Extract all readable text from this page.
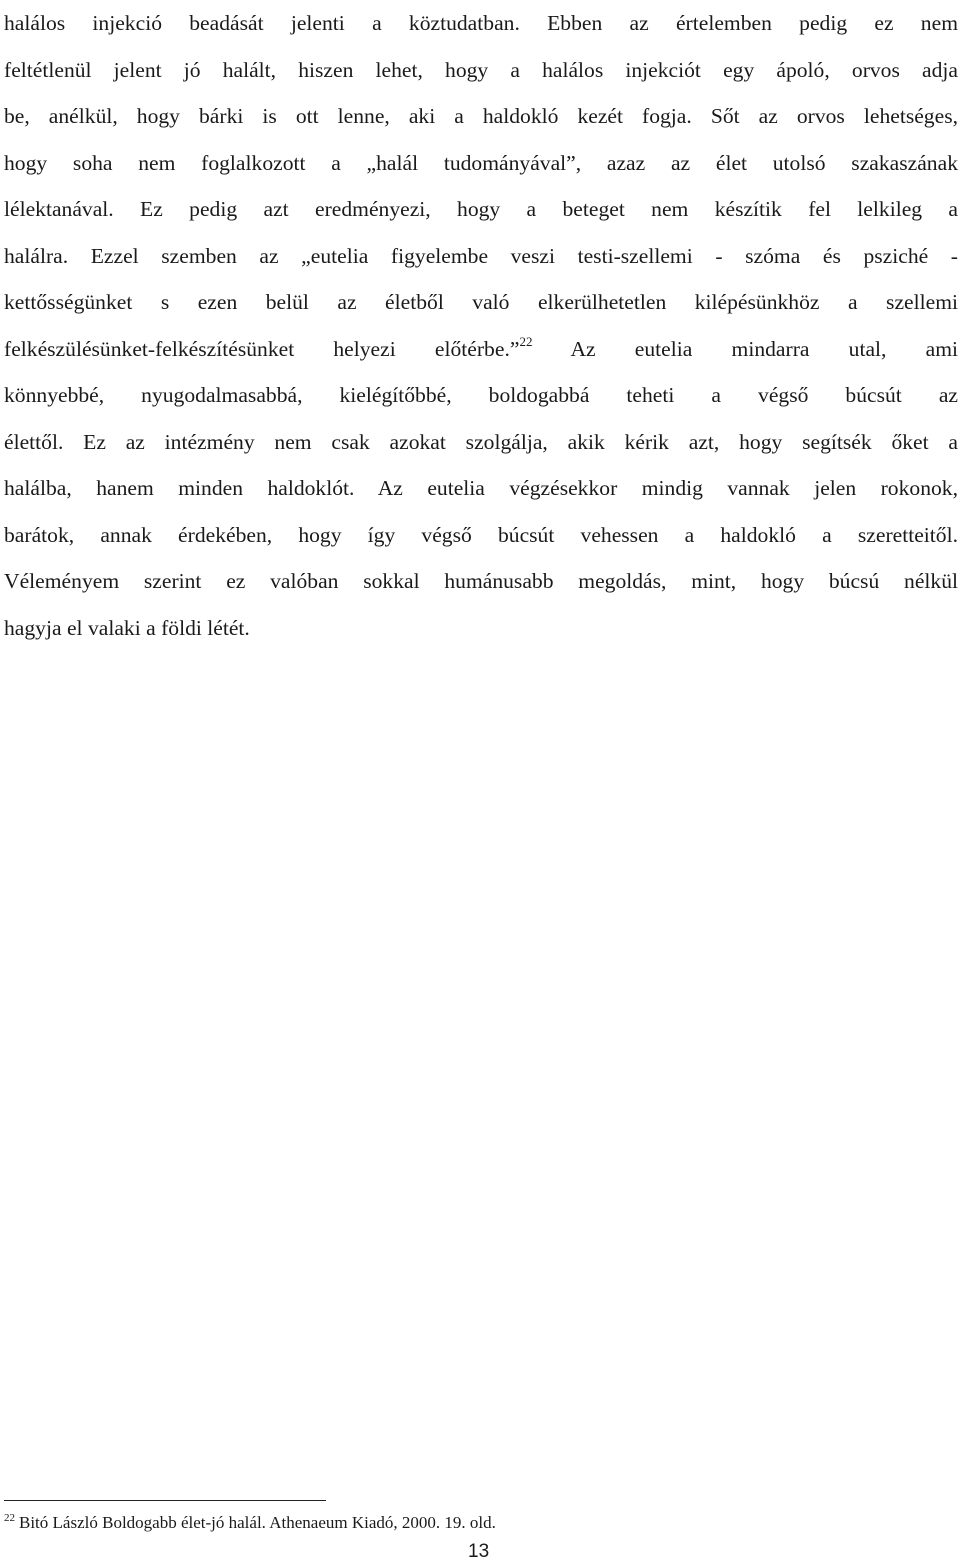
halálos injekció beadását jelenti a köztudatban. Ebben az értelemben pedig ez nem
feltétlenül jelent jó halált, hiszen lehet, hogy a halálos injekciót egy ápoló, orvos adja
be, anélkül, hogy bárki is ott lenne, aki a haldokló kezét fogja. Sőt az orvos lehetséges,
hogy soha nem foglalkozott a „halál tudományával”, azaz az élet utolsó szakaszának
lélektanával. Ez pedig azt eredményezi, hogy a beteget nem készítik fel lelkileg a
halálra. Ezzel szemben az „eutelia figyelembe veszi testi-szellemi - szóma és psziché -
kettősségünket s ezen belül az életből való elkerülhetetlen kilépésünkhöz a szellemi
felkészülésünket-felkészítésünket helyezi előtérbe.”$^{22}$ Az eutelia mindarra utal, ami
könnyebbé, nyugodalmasabbá, kielégítőbbé, boldogabbá teheti a végső búcsút az
élettől. Ez az intézmény nem csak azokat szolgálja, akik kérik azt, hogy segítsék őket a
halálba, hanem minden haldoklót. Az eutelia végzésekkor mindig vannak jelen rokonok,
barátok, annak érdekében, hogy így végső búcsút vehessen a haldokló a szeretteitől.
Véleményem szerint ez valóban sokkal humánusabb megoldás, mint, hogy búcsú nélkül
hagyja el valaki a földi létét.
$^{22}$ Bitó László Boldogabb élet-jó halál. Athenaeum Kiadó, 2000. 19. old.
13
